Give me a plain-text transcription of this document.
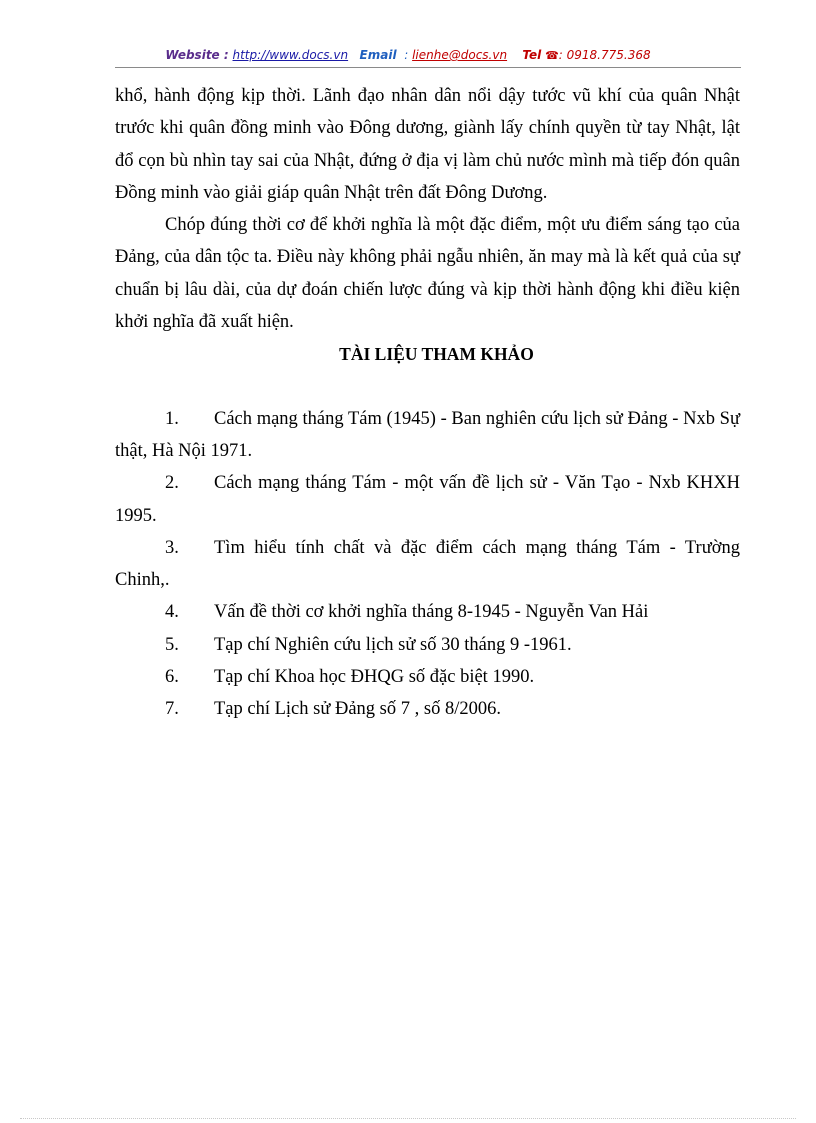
Website : http://www.docs.vn Email : lienhe@docs.vn Tel ☎: 0918.775.368

khổ, hành động kịp thời. Lãnh đạo nhân dân nổi dậy tước vũ khí của quân Nhật trước khi quân đồng minh vào Đông dương, giành lấy chính quyền từ tay Nhật, lật đổ cọn bù nhìn tay sai của Nhật, đứng ở địa vị làm chủ nước mình mà tiếp đón quân Đồng minh vào giải giáp quân Nhật trên đất Đông Dương.

Chóp đúng thời cơ để khởi nghĩa là một đặc điểm, một ưu điểm sáng tạo của Đảng, của dân tộc ta. Điều này không phải ngẫu nhiên, ăn may mà là kết quả của sự chuẩn bị lâu dài, của dự đoán chiến lược đúng và kịp thời hành động khi điều kiện khởi nghĩa đã xuất hiện.

TÀI LIỆU THAM KHẢO

1. Cách mạng tháng Tám (1945) - Ban nghiên cứu lịch sử Đảng - Nxb Sự thật, Hà Nội 1971.

2. Cách mạng tháng Tám - một vấn đề lịch sử - Văn Tạo - Nxb KHXH 1995.

3. Tìm hiểu tính chất và đặc điểm cách mạng tháng Tám - Trường Chinh,.

4. Vấn đề thời cơ khởi nghĩa tháng 8-1945 - Nguyễn Van Hải

5. Tạp chí Nghiên cứu lịch sử số 30 tháng 9 -1961.

6. Tạp chí Khoa học ĐHQG số đặc biệt 1990.

7. Tạp chí Lịch sử Đảng số 7 , số 8/2006.
